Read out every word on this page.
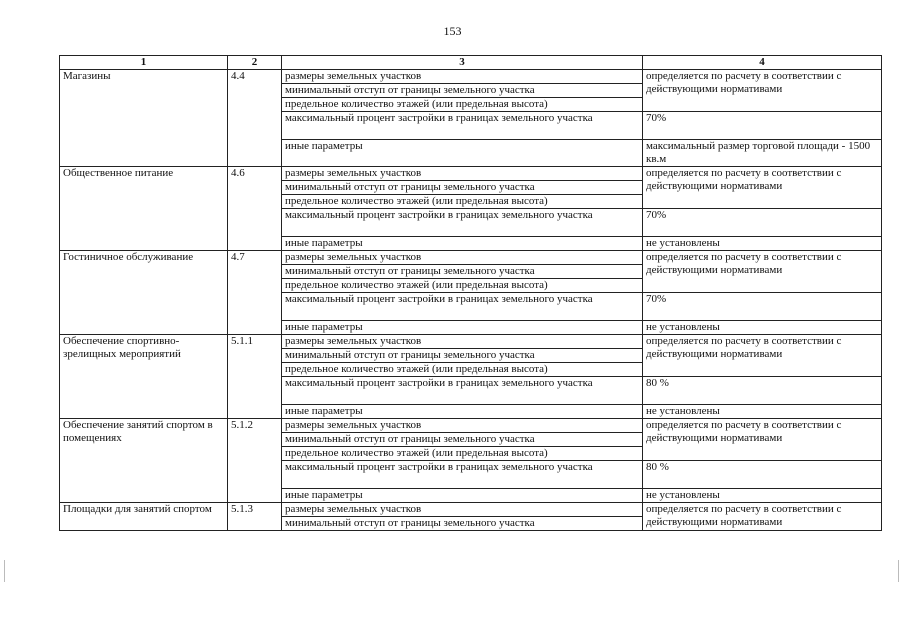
153
1	2	3	4
Магазины	4.4	размеры земельных участков	определяется по расчету в соответствии с действующими нормативами
		минимальный отступ от границы земельного участка	
		предельное количество этажей (или предельная высота)	
		максимальный процент застройки в границах земельного участка	70%
		иные параметры	максимальный размер торговой площади - 1500 кв.м
Общественное питание	4.6	размеры земельных участков	определяется по расчету в соответствии с действующими нормативами
		минимальный отступ от границы земельного участка	
		предельное количество этажей (или предельная высота)	
		максимальный процент застройки в границах земельного участка	70%
		иные параметры	не установлены
Гостиничное обслуживание	4.7	размеры земельных участков	определяется по расчету в соответствии с действующими нормативами
		минимальный отступ от границы земельного участка	
		предельное количество этажей (или предельная высота)	
		максимальный процент застройки в границах земельного участка	70%
		иные параметры	не установлены
Обеспечение спортивно-зрелищных мероприятий	5.1.1	размеры земельных участков	определяется по расчету в соответствии с действующими нормативами
		минимальный отступ от границы земельного участка	
		предельное количество этажей (или предельная высота)	
		максимальный процент застройки в границах земельного участка	80 %
		иные параметры	не установлены
Обеспечение занятий спортом в помещениях	5.1.2	размеры земельных участков	определяется по расчету в соответствии с действующими нормативами
		минимальный отступ от границы земельного участка	
		предельное количество этажей (или предельная высота)	
		максимальный процент застройки в границах земельного участка	80 %
		иные параметры	не установлены
Площадки для занятий спортом	5.1.3	размеры земельных участков	определяется по расчету в соответствии с действующими нормативами
		минимальный отступ от границы земельного участка	
